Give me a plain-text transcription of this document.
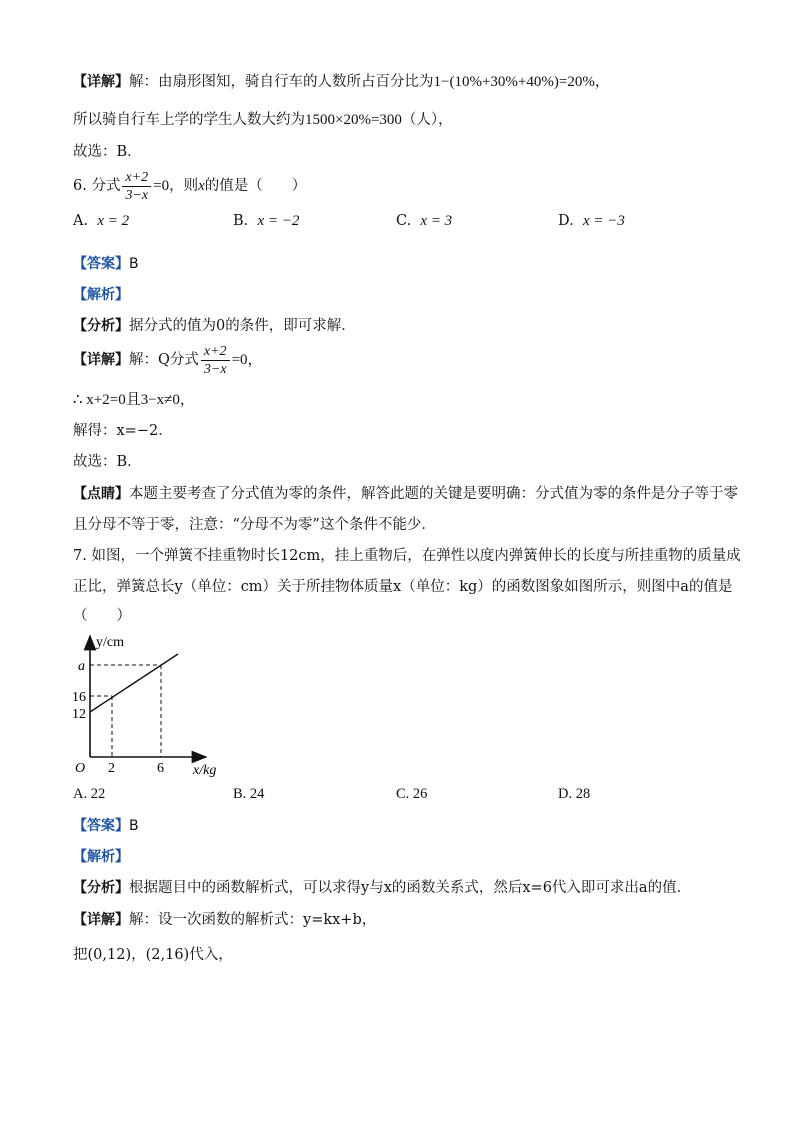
【详解】解：由扇形图知，骑自行车的人数所占百分比为1−(10%+30%+40%)=20%，
所以骑自行车上学的学生人数大约为1500×20%=300（人），
故选：B．
6. 分式 $\frac{x+2}{3-x} =0$，则x的值是（　　）
A. x = 2	B. x = −2	C. x = 3	D. x = −3
【答案】B
【解析】
【分析】据分式的值为0的条件，即可求解．
【详解】解：Q分式 $\frac{x+2}{3-x} =0$，
∴ x+2=0且3−x≠0，
解得：x=−2．
故选：B．
【点睛】本题主要考查了分式值为零的条件，解答此题的关键是要明确：分式值为零的条件是分子等于零
且分母不等于零，注意：“分母不为零”这个条件不能少．
7. 如图，一个弹簧不挂重物时长12cm，挂上重物后，在弹性以度内弹簧伸长的长度与所挂重物的质量成
正比，弹簧总长y（单位：cm）关于所挂物体质量x（单位：kg）的函数图象如图所示，则图中a的值是
（　　）
y/cm
a
16
12
O 2	6 x/kg
A. 22	B. 24	C. 26	D. 28
【答案】B
【解析】
【分析】根据题目中的函数解析式，可以求得y与x的函数关系式，然后x=6代入即可求出a的值．
【详解】解：设一次函数的解析式：y=kx+b，
把(0,12)，(2,16)代入，
